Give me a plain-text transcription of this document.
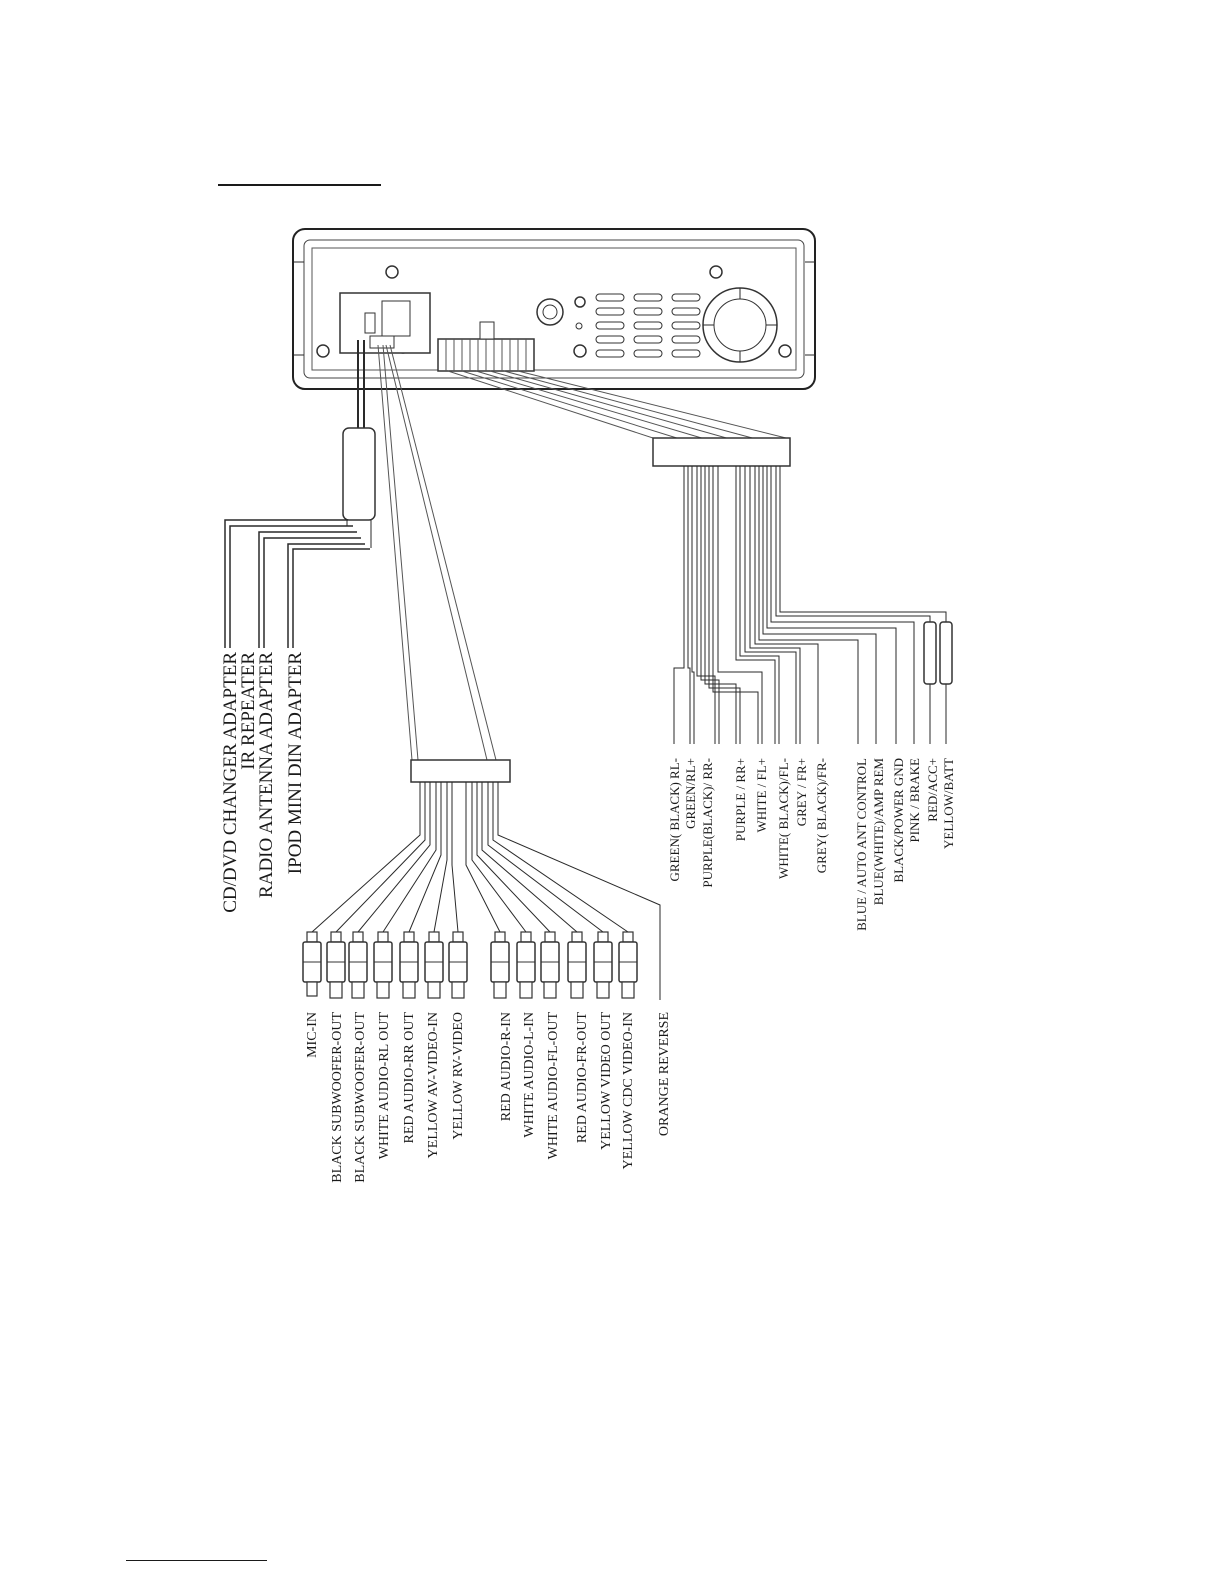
CD/DVD CHANGER ADAPTER
IR REPEATER
RADIO ANTENNA ADAPTER IPOD MINI DIN ADAPTER
MIC-IN BLACK SUBWOOFER-OUT BLACK SUBWOOFER-OUT WHITE AUDIO-RL OUT RED AUDIO-RR OUT YELLOW AV-VIDEO-IN YELLOW RV-VIDEO RED AUDIO-R-IN WHITE AUDIO-L-IN WHITE AUDIO-FL-OUT RED AUDIO-FR-OUT YELLOW VIDEO OUT YELLOW CDC VIDEO-IN ORANGE REVERSE
GREEN( BLACK) RL- GREEN/RL+ PURPLE(BLACK)/ RR- PURPLE / RR+ WHITE / FL+ WHITE( BLACK)/FL- GREY / FR+ GREY( BLACK)/FR- BLUE / AUTO ANT CONTROL BLUE(WHITE)/AMP REM BLACK/POWER GND PINK / BRAKE RED/ACC+ YELLOW/BATT
